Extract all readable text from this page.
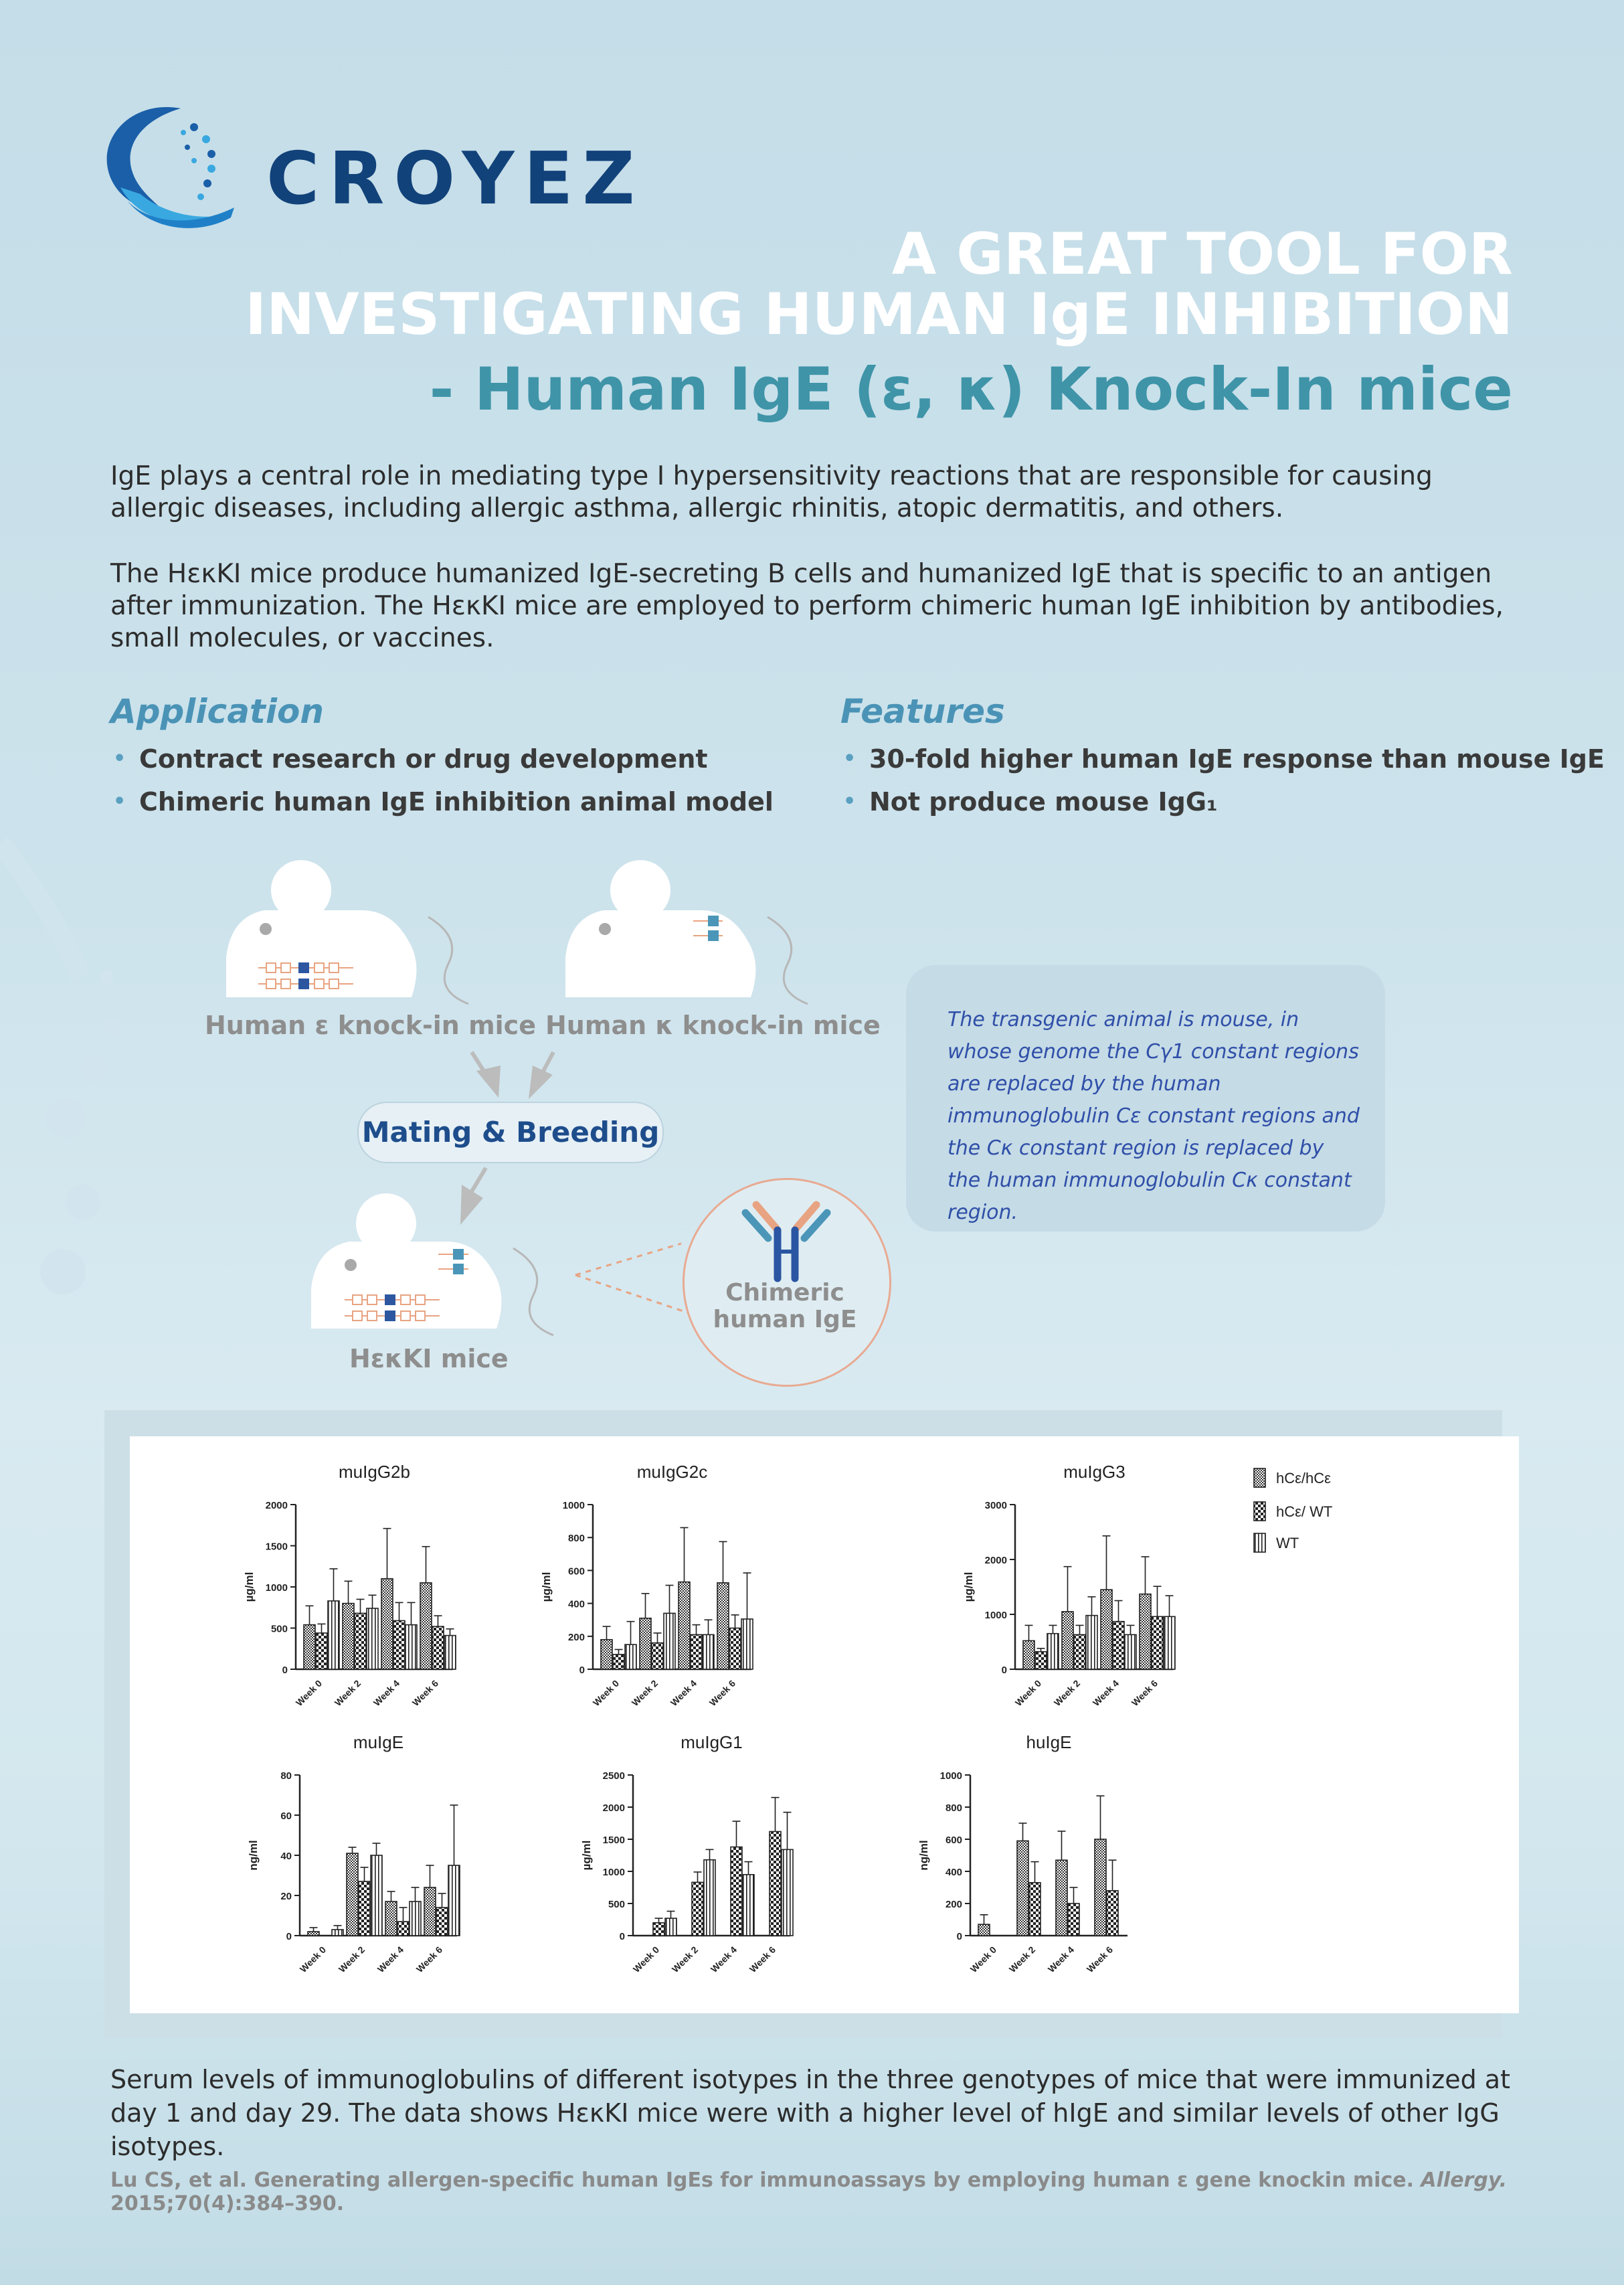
CROYEZ
A GREAT TOOL FOR
INVESTIGATING HUMAN IgE INHIBITION
- Human IgE (ε, κ) Knock-In mice
IgE plays a central role in mediating type I hypersensitivity reactions that are responsible for causing allergic diseases, including allergic asthma, allergic rhinitis, atopic dermatitis, and others.
The HεκKI mice produce humanized IgE-secreting B cells and humanized IgE that is specific to an antigen after immunization. The HεκKI mice are employed to perform chimeric human IgE inhibition by antibodies, small molecules, or vaccines.
Application
• Contract research or drug development
• Chimeric human IgE inhibition animal model
Features
• 30-fold higher human IgE response than mouse IgE
• Not produce mouse IgG₁
Human ε knock-in mice Human κ knock-in mice
Mating & Breeding
HεκKI mice
Chimeric
human IgE
The transgenic animal is mouse, in whose genome the Cγ1 constant regions are replaced by the human immunoglobulin Cε constant regions and the Cκ constant region is replaced by the human immunoglobulin Cκ constant region.
muIgG2b
0
500
1000
1500
2000
µg/ml
Week 0 Week 2 Week 4 Week 6
muIgG2c
0
200
400
600
800
1000
µg/ml
Week 0 Week 2 Week 4 Week 6
muIgG3
0
1000
2000
3000
µg/ml
Week 0 Week 2 Week 4 Week 6
muIgE
0
20
40
60
80
ng/ml
Week 0 Week 2 Week 4 Week 6
muIgG1
0
500
1000
1500
2000
2500
µg/ml
Week 0 Week 2 Week 4 Week 6
huIgE
0
200
400
600
800
1000
ng/ml
Week 0 Week 2 Week 4 Week 6
hCε/hCε
hCε/ WT
WT
Serum levels of immunoglobulins of different isotypes in the three genotypes of mice that were immunized at day 1 and day 29. The data shows HεκKI mice were with a higher level of hIgE and similar levels of other IgG isotypes.
Lu CS, et al. Generating allergen-specific human IgEs for immunoassays by employing human ε gene knockin mice. Allergy. 2015;70(4):384–390.
